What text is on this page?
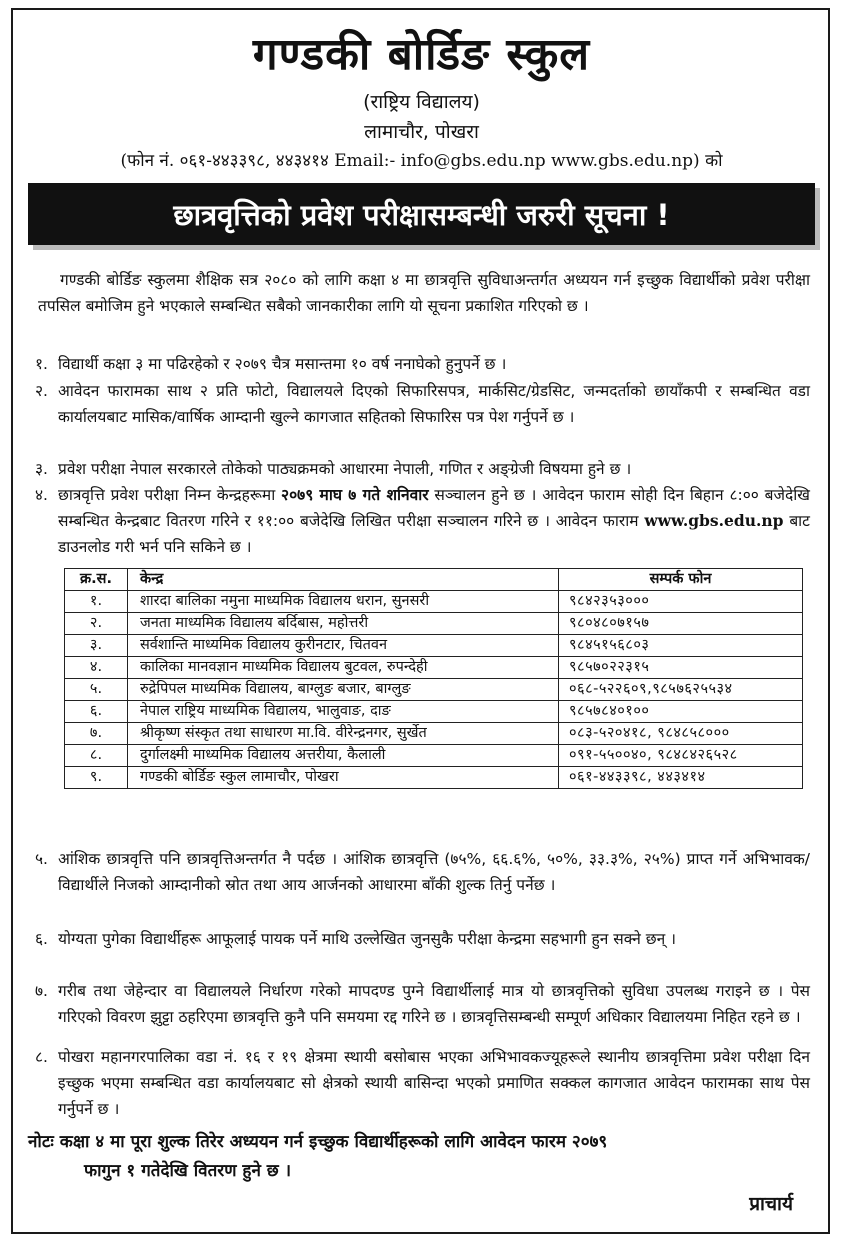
गण्डकी बोर्डिङ स्कुल
(राष्ट्रिय विद्यालय)
लामाचौर, पोखरा
(फोन नं. ०६१-४४३३९८, ४४३४१४ Email:- info@gbs.edu.np www.gbs.edu.np) को
छात्रवृत्तिको प्रवेश परीक्षासम्बन्धी जरुरी सूचना !
गण्डकी बोर्डिङ स्कुलमा शैक्षिक सत्र २०८० को लागि कक्षा ४ मा छात्रवृत्ति सुविधाअन्तर्गत अध्ययन गर्न इच्छुक विद्यार्थीको प्रवेश परीक्षा तपसिल बमोजिम हुने भएकाले सम्बन्धित सबैको जानकारीका लागि यो सूचना प्रकाशित गरिएको छ ।
१. विद्यार्थी कक्षा ३ मा पढिरहेको र २०७९ चैत्र मसान्तमा १० वर्ष ननाघेको हुनुपर्ने छ ।
२. आवेदन फारामका साथ २ प्रति फोटो, विद्यालयले दिएको सिफारिसपत्र, मार्कसिट/ग्रेडसिट, जन्मदर्ताको छायाँकपी र सम्बन्धित वडा कार्यालयबाट मासिक/वार्षिक आम्दानी खुल्ने कागजात सहितको सिफारिस पत्र पेश गर्नुपर्ने छ ।
३. प्रवेश परीक्षा नेपाल सरकारले तोकेको पाठ्यक्रमको आधारमा नेपाली, गणित र अङ्ग्रेजी विषयमा हुने छ ।
४. छात्रवृत्ति प्रवेश परीक्षा निम्न केन्द्रहरूमा २०७९ माघ ७ गते शनिवार सञ्चालन हुने छ । आवेदन फाराम सोही दिन बिहान ८:०० बजेदेखि सम्बन्धित केन्द्रबाट वितरण गरिने र ११:०० बजेदेखि लिखित परीक्षा सञ्चालन गरिने छ । आवेदन फाराम www.gbs.edu.np बाट डाउनलोड गरी भर्न पनि सकिने छ ।
क्र.स.	केन्द्र	सम्पर्क फोन
१.	शारदा बालिका नमुना माध्यमिक विद्यालय धरान, सुनसरी	९८४२३५३०००
२.	जनता माध्यमिक विद्यालय बर्दिबास, महोत्तरी	९८०४८०७१५७
३.	सर्वशान्ति माध्यमिक विद्यालय कुरीनटार, चितवन	९८४५१५६८०३
४.	कालिका मानवज्ञान माध्यमिक विद्यालय बुटवल, रुपन्देही	९८५७०२२३१५
५.	रुद्रेपिपल माध्यमिक विद्यालय, बाग्लुङ बजार, बाग्लुङ	०६८-५२२६०९,९८५७६२५५३४
६.	नेपाल राष्ट्रिय माध्यमिक विद्यालय, भालुवाङ, दाङ	९८५७८४०१००
७.	श्रीकृष्ण संस्कृत तथा साधारण मा.वि. वीरेन्द्रनगर, सुर्खेत	०८३-५२०४१८, ९८४८५८०००
८.	दुर्गालक्ष्मी माध्यमिक विद्यालय अत्तरीया, कैलाली	०९१-५५००४०, ९८४८४२६५२८
९.	गण्डकी बोर्डिङ स्कुल लामाचौर, पोखरा	०६१-४४३३९८, ४४३४१४
५. आंशिक छात्रवृत्ति पनि छात्रवृत्तिअन्तर्गत नै पर्दछ । आंशिक छात्रवृत्ति (७५%, ६६.६%, ५०%, ३३.३%, २५%) प्राप्त गर्ने अभिभावक/विद्यार्थीले निजको आम्दानीको स्रोत तथा आय आर्जनको आधारमा बाँकी शुल्क तिर्नु पर्नेछ ।
६. योग्यता पुगेका विद्यार्थीहरू आफूलाई पायक पर्ने माथि उल्लेखित जुनसुकै परीक्षा केन्द्रमा सहभागी हुन सक्ने छन् ।
७. गरीब तथा जेहेन्दार वा विद्यालयले निर्धारण गरेको मापदण्ड पुग्ने विद्यार्थीलाई मात्र यो छात्रवृत्तिको सुविधा उपलब्ध गराइने छ । पेस गरिएको विवरण झुट्टा ठहरिएमा छात्रवृत्ति कुनै पनि समयमा रद्द गरिने छ । छात्रवृत्तिसम्बन्धी सम्पूर्ण अधिकार विद्यालयमा निहित रहने छ ।
८. पोखरा महानगरपालिका वडा नं. १६ र १९ क्षेत्रमा स्थायी बसोबास भएका अभिभावकज्यूहरूले स्थानीय छात्रवृत्तिमा प्रवेश परीक्षा दिन इच्छुक भएमा सम्बन्धित वडा कार्यालयबाट सो क्षेत्रको स्थायी बासिन्दा भएको प्रमाणित सक्कल कागजात आवेदन फारामका साथ पेस गर्नुपर्ने छ ।
नोटः कक्षा ४ मा पूरा शुल्क तिरेर अध्ययन गर्न इच्छुक विद्यार्थीहरूको लागि आवेदन फारम २०७९
फागुन १ गतेदेखि वितरण हुने छ ।
प्राचार्य
